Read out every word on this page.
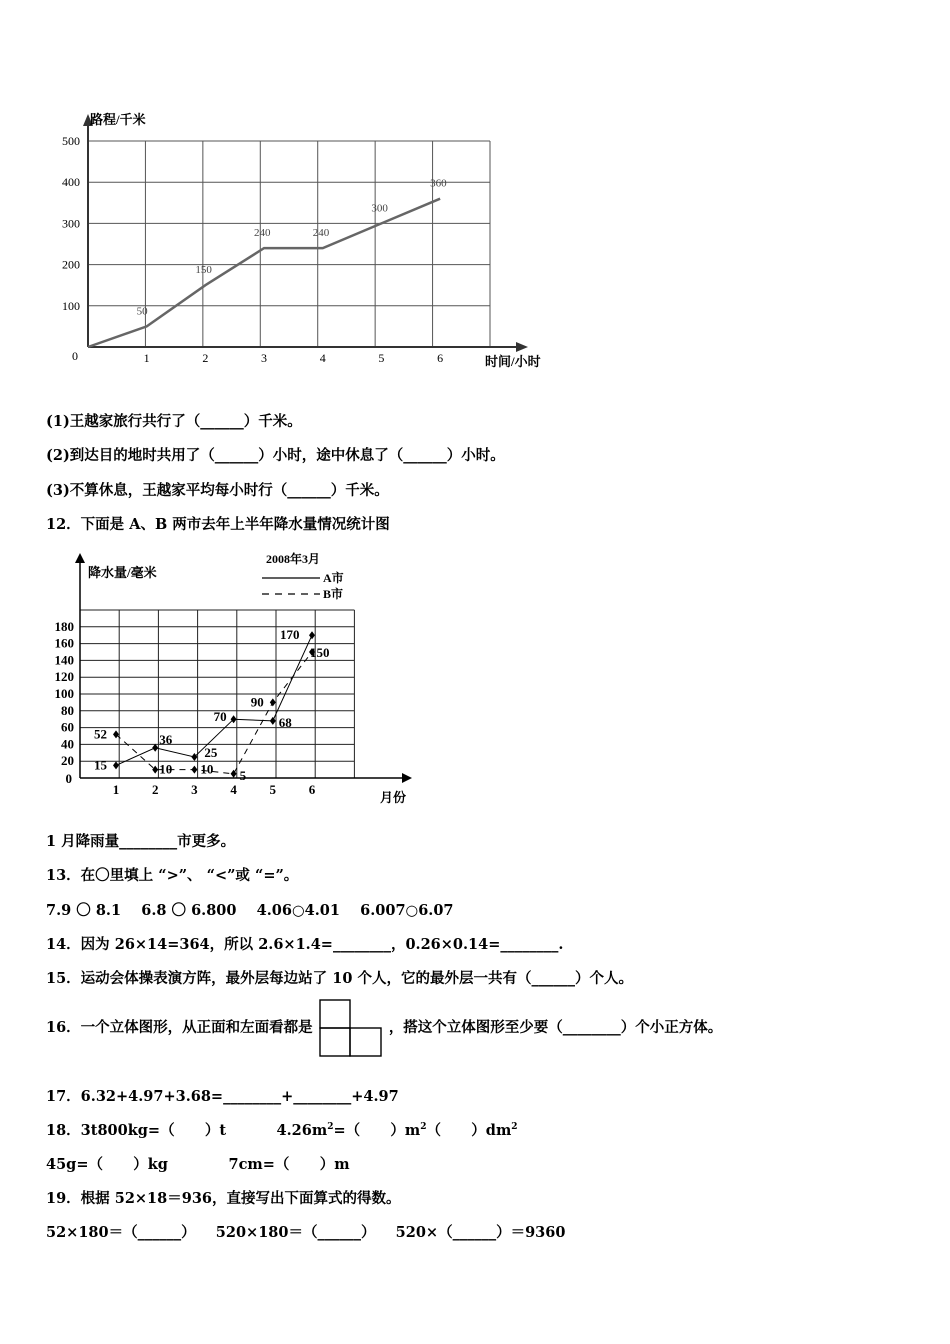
路程/千米
时间/小时
0
100
200
300
400
500
1	2	3	4	5	6
50
150
240	240
300
360
(1)王越家旅行共行了（______）千米。
(2)到达目的地时共用了（______）小时，途中休息了（______）小时。
(3)不算休息，王越家平均每小时行（______）千米。
12．下面是 A、B 两市去年上半年降水量情况统计图
降水量/毫米
月份
0
20
40
60
80
100
120
140
160
180
1	2	3	4	5	6
2008年3月
A市
B市
15
36
25
70	68
170
52
10 10 5
90
150
1 月降雨量________市更多。
13．在〇里填上 “>”、 “<”或 “=”。
7.9 〇 8.1    6.8 〇 6.800    4.06○4.01    6.007○6.07
14．因为 26×14=364，所以 2.6×1.4=________，0.26×0.14=________.
15．运动会体操表演方阵，最外层每边站了 10 个人，它的最外层一共有（______）个人。
16．一个立体图形，从正面和左面看都是	，搭这个立体图形至少要（________）个小正方体。
17．6.32+4.97+3.68=________+________+4.97
18．3t800kg=（      ）t          $4.26m^2=$（      ）$m^2$（      ）$dm^2$
45g=（      ）kg            7cm=（      ）m
19．根据 52×18＝936，直接写出下面算式的得数。
52×180＝（______）    520×180＝（______）    520×（______）＝9360
